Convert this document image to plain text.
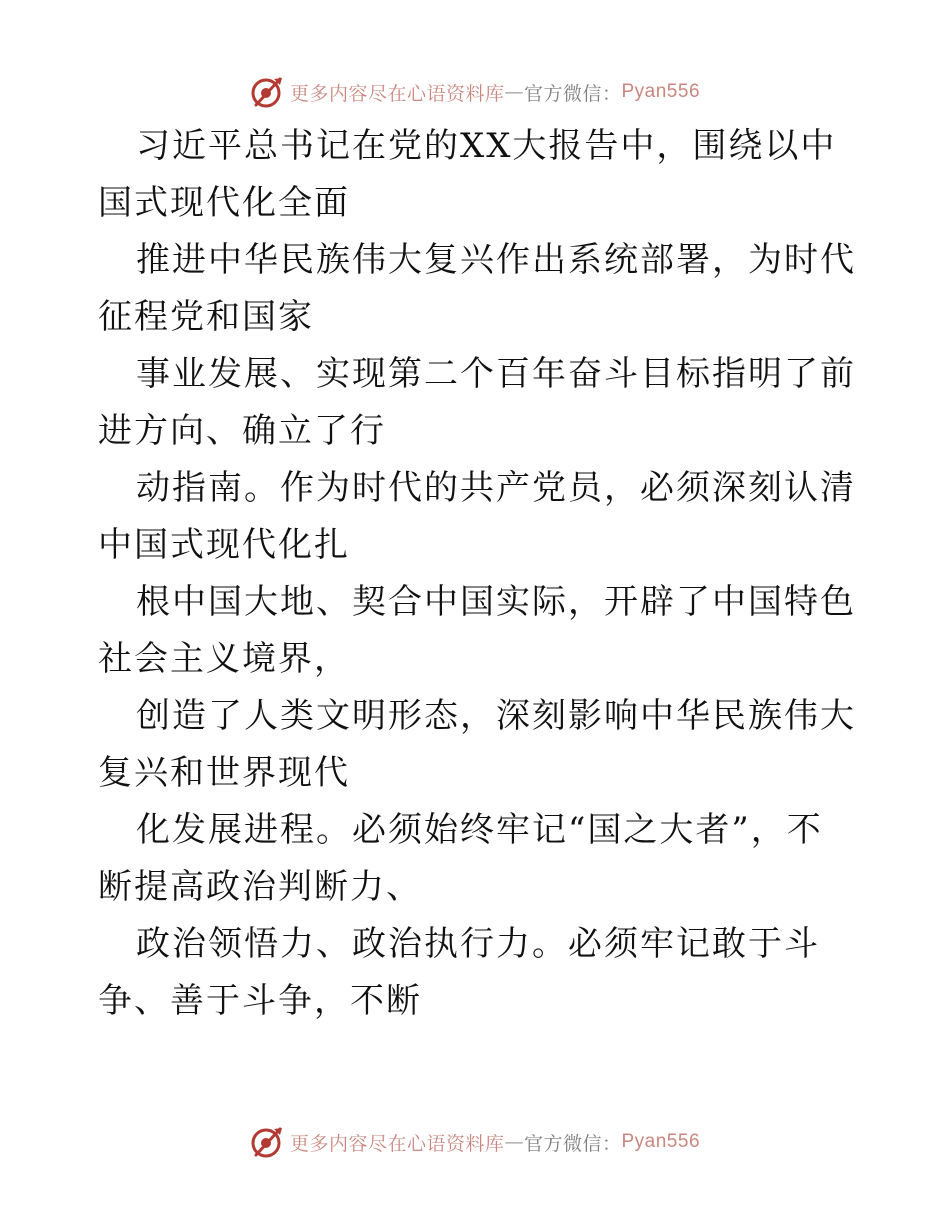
更多内容尽在心语资料库 — 官方微信： Pyan556

习近平总书记在党的XX大报告中，围绕以中国式现代化全面

推进中华民族伟大复兴作出系统部署，为时代征程党和国家

事业发展、实现第二个百年奋斗目标指明了前进方向、确立了行

动指南。作为时代的共产党员，必须深刻认清中国式现代化扎

根中国大地、契合中国实际，开辟了中国特色社会主义境界，

创造了人类文明形态，深刻影响中华民族伟大复兴和世界现代

化发展进程。必须始终牢记“国之大者”，不断提高政治判断力、

政治领悟力、政治执行力。必须牢记敢于斗争、善于斗争，不断

更多内容尽在心语资料库 — 官方微信： Pyan556
